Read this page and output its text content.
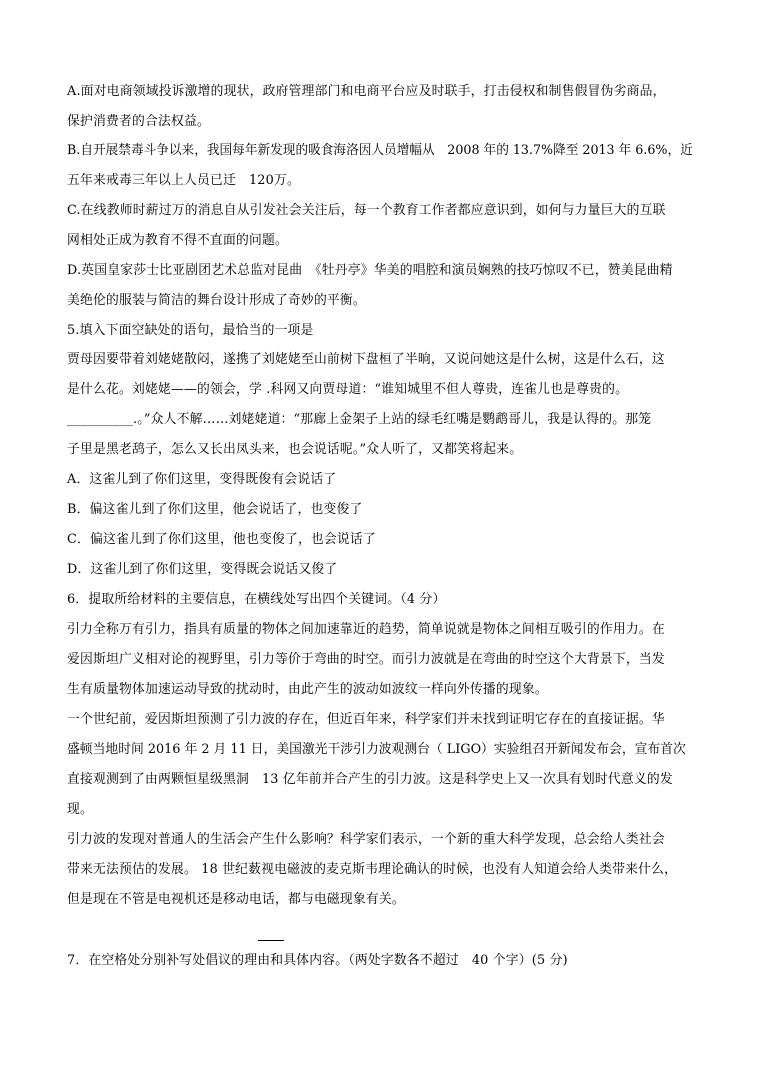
A.面对电商领域投诉激增的现状，政府管理部门和电商平台应及时联手，打击侵权和制售假冒伪劣商品，
保护消费者的合法权益。
B.自开展禁毒斗争以来，我国每年新发现的吸食海洛因人员增幅从　2008 年的 13.7%降至 2013 年 6.6%，近
五年来戒毒三年以上人员已迁　120万。
C.在线教师时薪过万的消息自从引发社会关注后，每一个教育工作者都应意识到，如何与力量巨大的互联
网相处正成为教育不得不直面的问题。
D.英国皇家莎士比亚剧团艺术总监对昆曲　《牡丹亭》华美的唱腔和演员娴熟的技巧惊叹不已，赞美昆曲精
美绝伦的服装与简洁的舞台设计形成了奇妙的平衡。
5.填入下面空缺处的语句，最恰当的一项是
贾母因要带着刘姥姥散闷，遂携了刘姥姥至山前树下盘桓了半晌，又说问她这是什么树，这是什么石，这
是什么花。刘姥姥——的领会，学 .科网又向贾母道：“谁知城里不但人尊贵，连雀儿也是尊贵的。
__________.。”众人不解……刘姥姥道：“那廊上金架子上站的绿毛红嘴是鹦鹉哥儿，我是认得的。那笼
子里是黑老鸹子，怎么又长出凤头来，也会说话呢。”众人听了，又都笑将起来。
A．这雀儿到了你们这里，变得既俊有会说话了
B．偏这雀儿到了你们这里，他会说话了，也变俊了
C．偏这雀儿到了你们这里，他也变俊了，也会说话了
D．这雀儿到了你们这里，变得既会说话又俊了
6．提取所给材料的主要信息，在横线处写出四个关键词。（4 分）
引力全称万有引力，指具有质量的物体之间加速靠近的趋势，简单说就是物体之间相互吸引的作用力。在
爱因斯坦广义相对论的视野里，引力等价于弯曲的时空。而引力波就是在弯曲的时空这个大背景下，当发
生有质量物体加速运动导致的扰动时，由此产生的波动如波纹一样向外传播的现象。
一个世纪前，爱因斯坦预测了引力波的存在，但近百年来，科学家们并未找到证明它存在的直接证据。华
盛顿当地时间 2016 年 2 月 11 日，美国激光干涉引力波观测台（ LIGO）实验组召开新闻发布会，宣布首次
直接观测到了由两颗恒星级黑洞　13 亿年前并合产生的引力波。这是科学史上又一次具有划时代意义的发
现。
引力波的发现对普通人的生活会产生什么影响？科学家们表示，一个新的重大科学发现，总会给人类社会
带来无法预估的发展。 18 世纪薮视电磁波的麦克斯韦理论确认的时候，也没有人知道会给人类带来什么，
但是现在不管是电视机还是移动电话，都与电磁现象有关。
7．在空格处分别补写处倡议的理由和具体内容。（两处字数各不超过　40 个字）(5 分)
